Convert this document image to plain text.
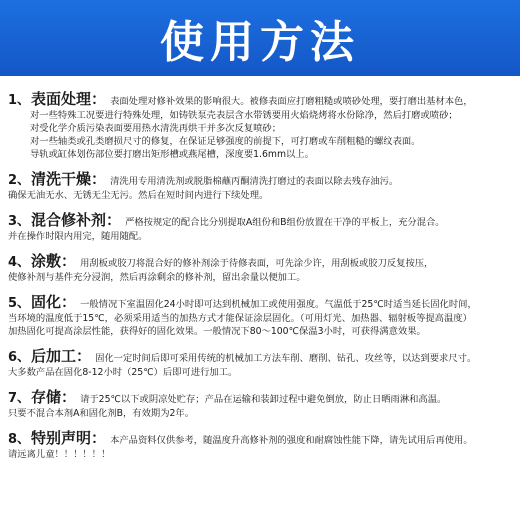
使用方法
1、 表面处理： 表面处理对修补效果的影响很大。被修表面应打磨粗糙或喷砂处理，要打磨出基材本色，
对一些特殊工况要进行特殊处理，如铸铁泵壳表层含水带锈要用火焰烧烤将水份除净，然后打磨或喷砂；
对受化学介质污染表面要用热水清洗再烘干并多次反复喷砂；
对一些轴类或孔类磨损尺寸的修复，在保证足够强度的前提下，可打磨或车削粗糙的螺纹表面。
导轨或缸体划伤部位要打磨出矩形槽或燕尾槽，深度要1.6mm以上。
2、 清洗干燥： 清洗用专用清洗剂或脱脂棉蘸丙酮清洗打磨过的表面以除去残存油污。
确保无油无水、无锈无尘无污。然后在短时间内进行下续处理。
3、 混合修补剂： 严格按规定的配合比分别提取A组份和B组份放置在干净的平板上，充分混合。
并在操作时限内用完，随用随配。
4、 涂敷： 用刮板或胶刀将混合好的修补剂涂于待修表面，可先涂少许，用刮板或胶刀反复按压，
使修补剂与基件充分浸润，然后再涂剩余的修补剂，留出余量以便加工。
5、 固化： 一般情况下室温固化24小时即可达到机械加工或使用强度。气温低于25℃时适当延长固化时间，
当环境的温度低于15℃，必须采用适当的加热方式才能保证涂层固化。（可用灯光、加热器、辐射板等提高温度）
加热固化可提高涂层性能，获得好的固化效果。一般情况下80～100℃保温3小时，可获得满意效果。
6、 后加工： 固化一定时间后即可采用传统的机械加工方法车削、磨削、钻孔、攻丝等，以达到要求尺寸。
大多数产品在固化8-12小时（25℃）后即可进行加工。
7、 存储： 请于25℃以下或阴凉处贮存；产品在运输和装卸过程中避免倒放，防止日晒雨淋和高温。
只要不混合本剂A和固化剂B，有效期为2年。
8、 特别声明： 本产品资料仅供参考，随温度升高修补剂的强度和耐腐蚀性能下降，请先试用后再使用。
请远离儿童！！！！！！
